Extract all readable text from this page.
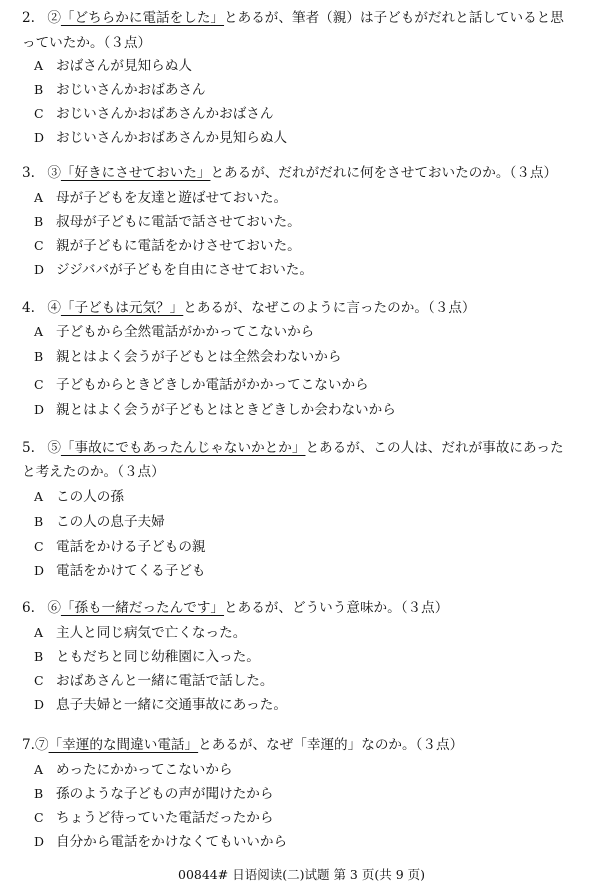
2. ②「どちらかに電話をした」とあるが、筆者（親）は子どもがだれと話していると思
っていたか。（３点）
A おばさんが見知らぬ人
B おじいさんかおばあさん
C おじいさんかおばあさんかおばさん
D おじいさんかおばあさんか見知らぬ人
3. ③「好きにさせておいた」とあるが、だれがだれに何をさせておいたのか。（３点）
A 母が子どもを友達と遊ばせておいた。
B 叔母が子どもに電話で話させておいた。
C 親が子どもに電話をかけさせておいた。
D ジジババが子どもを自由にさせておいた。
4. ④「子どもは元気？」とあるが、なぜこのように言ったのか。（３点）
A 子どもから全然電話がかかってこないから
B 親とはよく会うが子どもとは全然会わないから
C 子どもからときどきしか電話がかかってこないから
D 親とはよく会うが子どもとはときどきしか会わないから
5. ⑤「事故にでもあったんじゃないかとか」とあるが、この人は、だれが事故にあった
と考えたのか。（３点）
A この人の孫
B この人の息子夫婦
C 電話をかける子どもの親
D 電話をかけてくる子ども
6. ⑥「孫も一緒だったんです」とあるが、どういう意味か。（３点）
A 主人と同じ病気で亡くなった。
B ともだちと同じ幼稚園に入った。
C おばあさんと一緒に電話で話した。
D 息子夫婦と一緒に交通事故にあった。
7.⑦「幸運的な間違い電話」とあるが、なぜ「幸運的」なのか。（３点）
A めったにかかってこないから
B 孫のような子どもの声が聞けたから
C ちょうど待っていた電話だったから
D 自分から電話をかけなくてもいいから
00844# 日语阅读(二)试题 第 3 页(共 9 页)
